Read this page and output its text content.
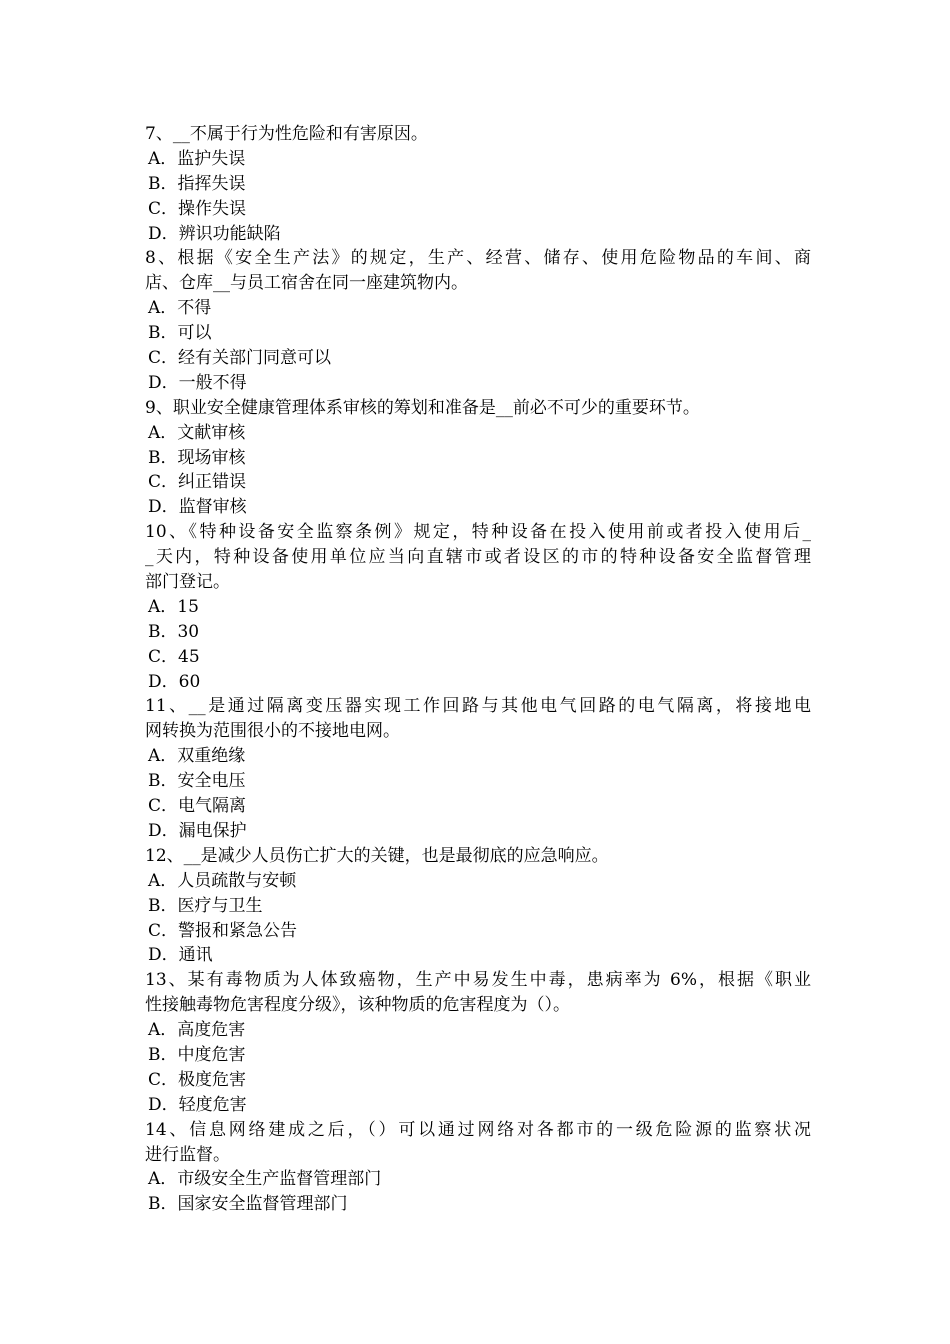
7、__不属于行为性危险和有害原因。
A．监护失误
B．指挥失误
C．操作失误
D．辨识功能缺陷
8、根据《安全生产法》的规定，生产、经营、储存、使用危险物品的车间、商
店、仓库__与员工宿舍在同一座建筑物内。
A．不得
B．可以
C．经有关部门同意可以
D．一般不得
9、职业安全健康管理体系审核的筹划和准备是__前必不可少的重要环节。
A．文献审核
B．现场审核
C．纠正错误
D．监督审核
10、《特种设备安全监察条例》规定，特种设备在投入使用前或者投入使用后_
_天内，特种设备使用单位应当向直辖市或者设区的市的特种设备安全监督管理
部门登记。
A．15
B．30
C．45
D．60
11、__是通过隔离变压器实现工作回路与其他电气回路的电气隔离，将接地电
网转换为范围很小的不接地电网。
A．双重绝缘
B．安全电压
C．电气隔离
D．漏电保护
12、__是减少人员伤亡扩大的关键，也是最彻底的应急响应。
A．人员疏散与安顿
B．医疗与卫生
C．警报和紧急公告
D．通讯
13、某有毒物质为人体致癌物，生产中易发生中毒，患病率为 6%，根据《职业
性接触毒物危害程度分级》，该种物质的危害程度为（）。
A．高度危害
B．中度危害
C．极度危害
D．轻度危害
14、信息网络建成之后，（）可以通过网络对各都市的一级危险源的监察状况
进行监督。
A．市级安全生产监督管理部门
B．国家安全监督管理部门
